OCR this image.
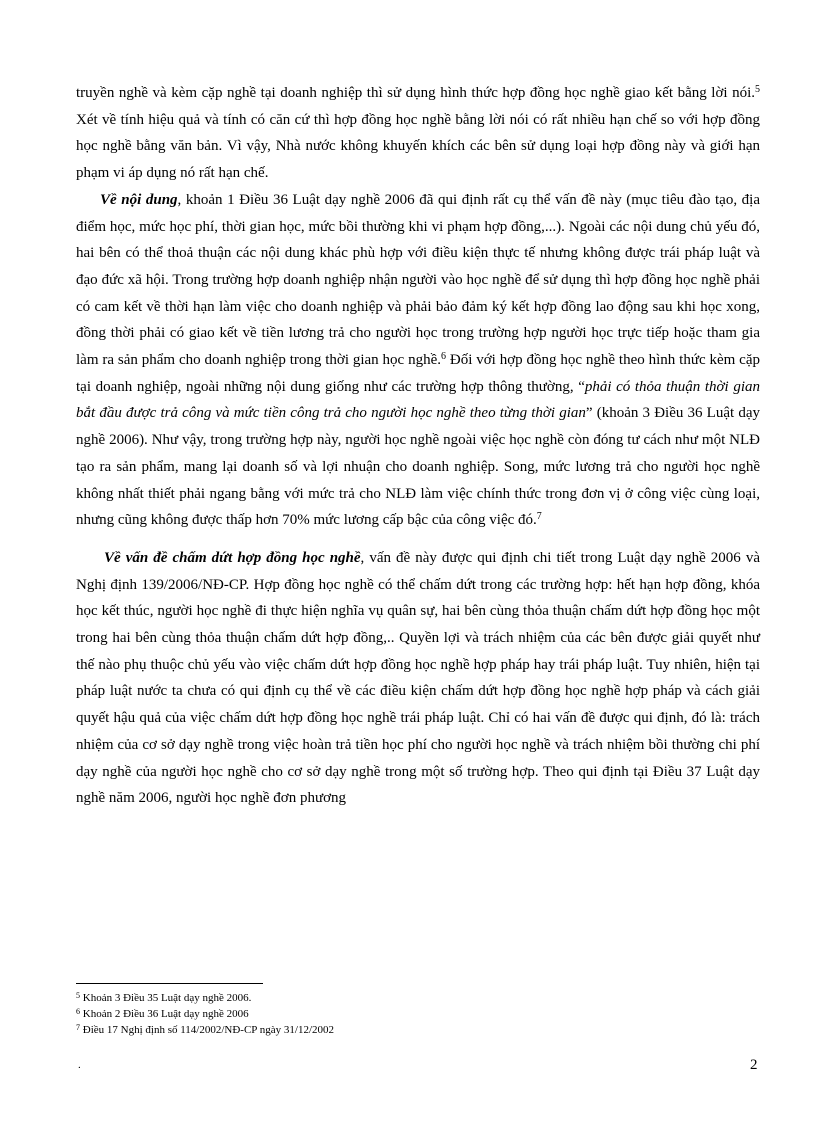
truyền nghề và kèm cặp nghề tại doanh nghiệp thì sử dụng hình thức hợp đồng học nghề giao kết bằng lời nói.$^5$ Xét về tính hiệu quả và tính có căn cứ thì hợp đồng học nghề bằng lời nói có rất nhiều hạn chế so với hợp đồng học nghề bằng văn bản. Vì vậy, Nhà nước không khuyến khích các bên sử dụng loại hợp đồng này và giới hạn phạm vi áp dụng nó rất hạn chế.

Về nội dung, khoản 1 Điều 36 Luật dạy nghề 2006 đã qui định rất cụ thể vấn đề này (mục tiêu đào tạo, địa điểm học, mức học phí, thời gian học, mức bồi thường khi vi phạm hợp đồng,...). Ngoài các nội dung chủ yếu đó, hai bên có thể thoả thuận các nội dung khác phù hợp với điều kiện thực tế nhưng không được trái pháp luật và đạo đức xã hội. Trong trường hợp doanh nghiệp nhận người vào học nghề để sử dụng thì hợp đồng học nghề phải có cam kết về thời hạn làm việc cho doanh nghiệp và phải bảo đảm ký kết hợp đồng lao động sau khi học xong, đồng thời phải có giao kết về tiền lương trả cho người học trong trường hợp người học trực tiếp hoặc tham gia làm ra sản phẩm cho doanh nghiệp trong thời gian học nghề.$^6$ Đối với hợp đồng học nghề theo hình thức kèm cặp tại doanh nghiệp, ngoài những nội dung giống như các trường hợp thông thường, “phải có thỏa thuận thời gian bắt đầu được trả công và mức tiền công trả cho người học nghề theo từng thời gian” (khoản 3 Điều 36 Luật dạy nghề 2006). Như vậy, trong trường hợp này, người học nghề ngoài việc học nghề còn đóng tư cách như một NLĐ tạo ra sản phẩm, mang lại doanh số và lợi nhuận cho doanh nghiệp. Song, mức lương trả cho người học nghề không nhất thiết phải ngang bằng với mức trả cho NLĐ làm việc chính thức trong đơn vị ở công việc cùng loại, nhưng cũng không được thấp hơn 70% mức lương cấp bậc của công việc đó.$^7$

Về vấn đề chấm dứt hợp đồng học nghề, vấn đề này được qui định chi tiết trong Luật dạy nghề 2006 và Nghị định 139/2006/NĐ-CP. Hợp đồng học nghề có thể chấm dứt trong các trường hợp: hết hạn hợp đồng, khóa học kết thúc, người học nghề đi thực hiện nghĩa vụ quân sự, hai bên cùng thỏa thuận chấm dứt hợp đồng học một trong hai bên cùng thỏa thuận chấm dứt hợp đồng,.. Quyền lợi và trách nhiệm của các bên được giải quyết như thế nào phụ thuộc chủ yếu vào việc chấm dứt hợp đồng học nghề hợp pháp hay trái pháp luật. Tuy nhiên, hiện tại pháp luật nước ta chưa có qui định cụ thể về các điều kiện chấm dứt hợp đồng học nghề hợp pháp và cách giải quyết hậu quả của việc chấm dứt hợp đồng học nghề trái pháp luật. Chỉ có hai vấn đề được qui định, đó là: trách nhiệm của cơ sở dạy nghề trong việc hoàn trả tiền học phí cho người học nghề và trách nhiệm bồi thường chi phí dạy nghề của người học nghề cho cơ sở dạy nghề trong một số trường hợp. Theo qui định tại Điều 37 Luật dạy nghề năm 2006, người học nghề đơn phương

$^5$ Khoản 3 Điều 35 Luật dạy nghề 2006.
$^6$ Khoản 2 Điều 36 Luật dạy nghề 2006
$^7$ Điều 17 Nghị định số 114/2002/NĐ-CP ngày 31/12/2002
.	2
